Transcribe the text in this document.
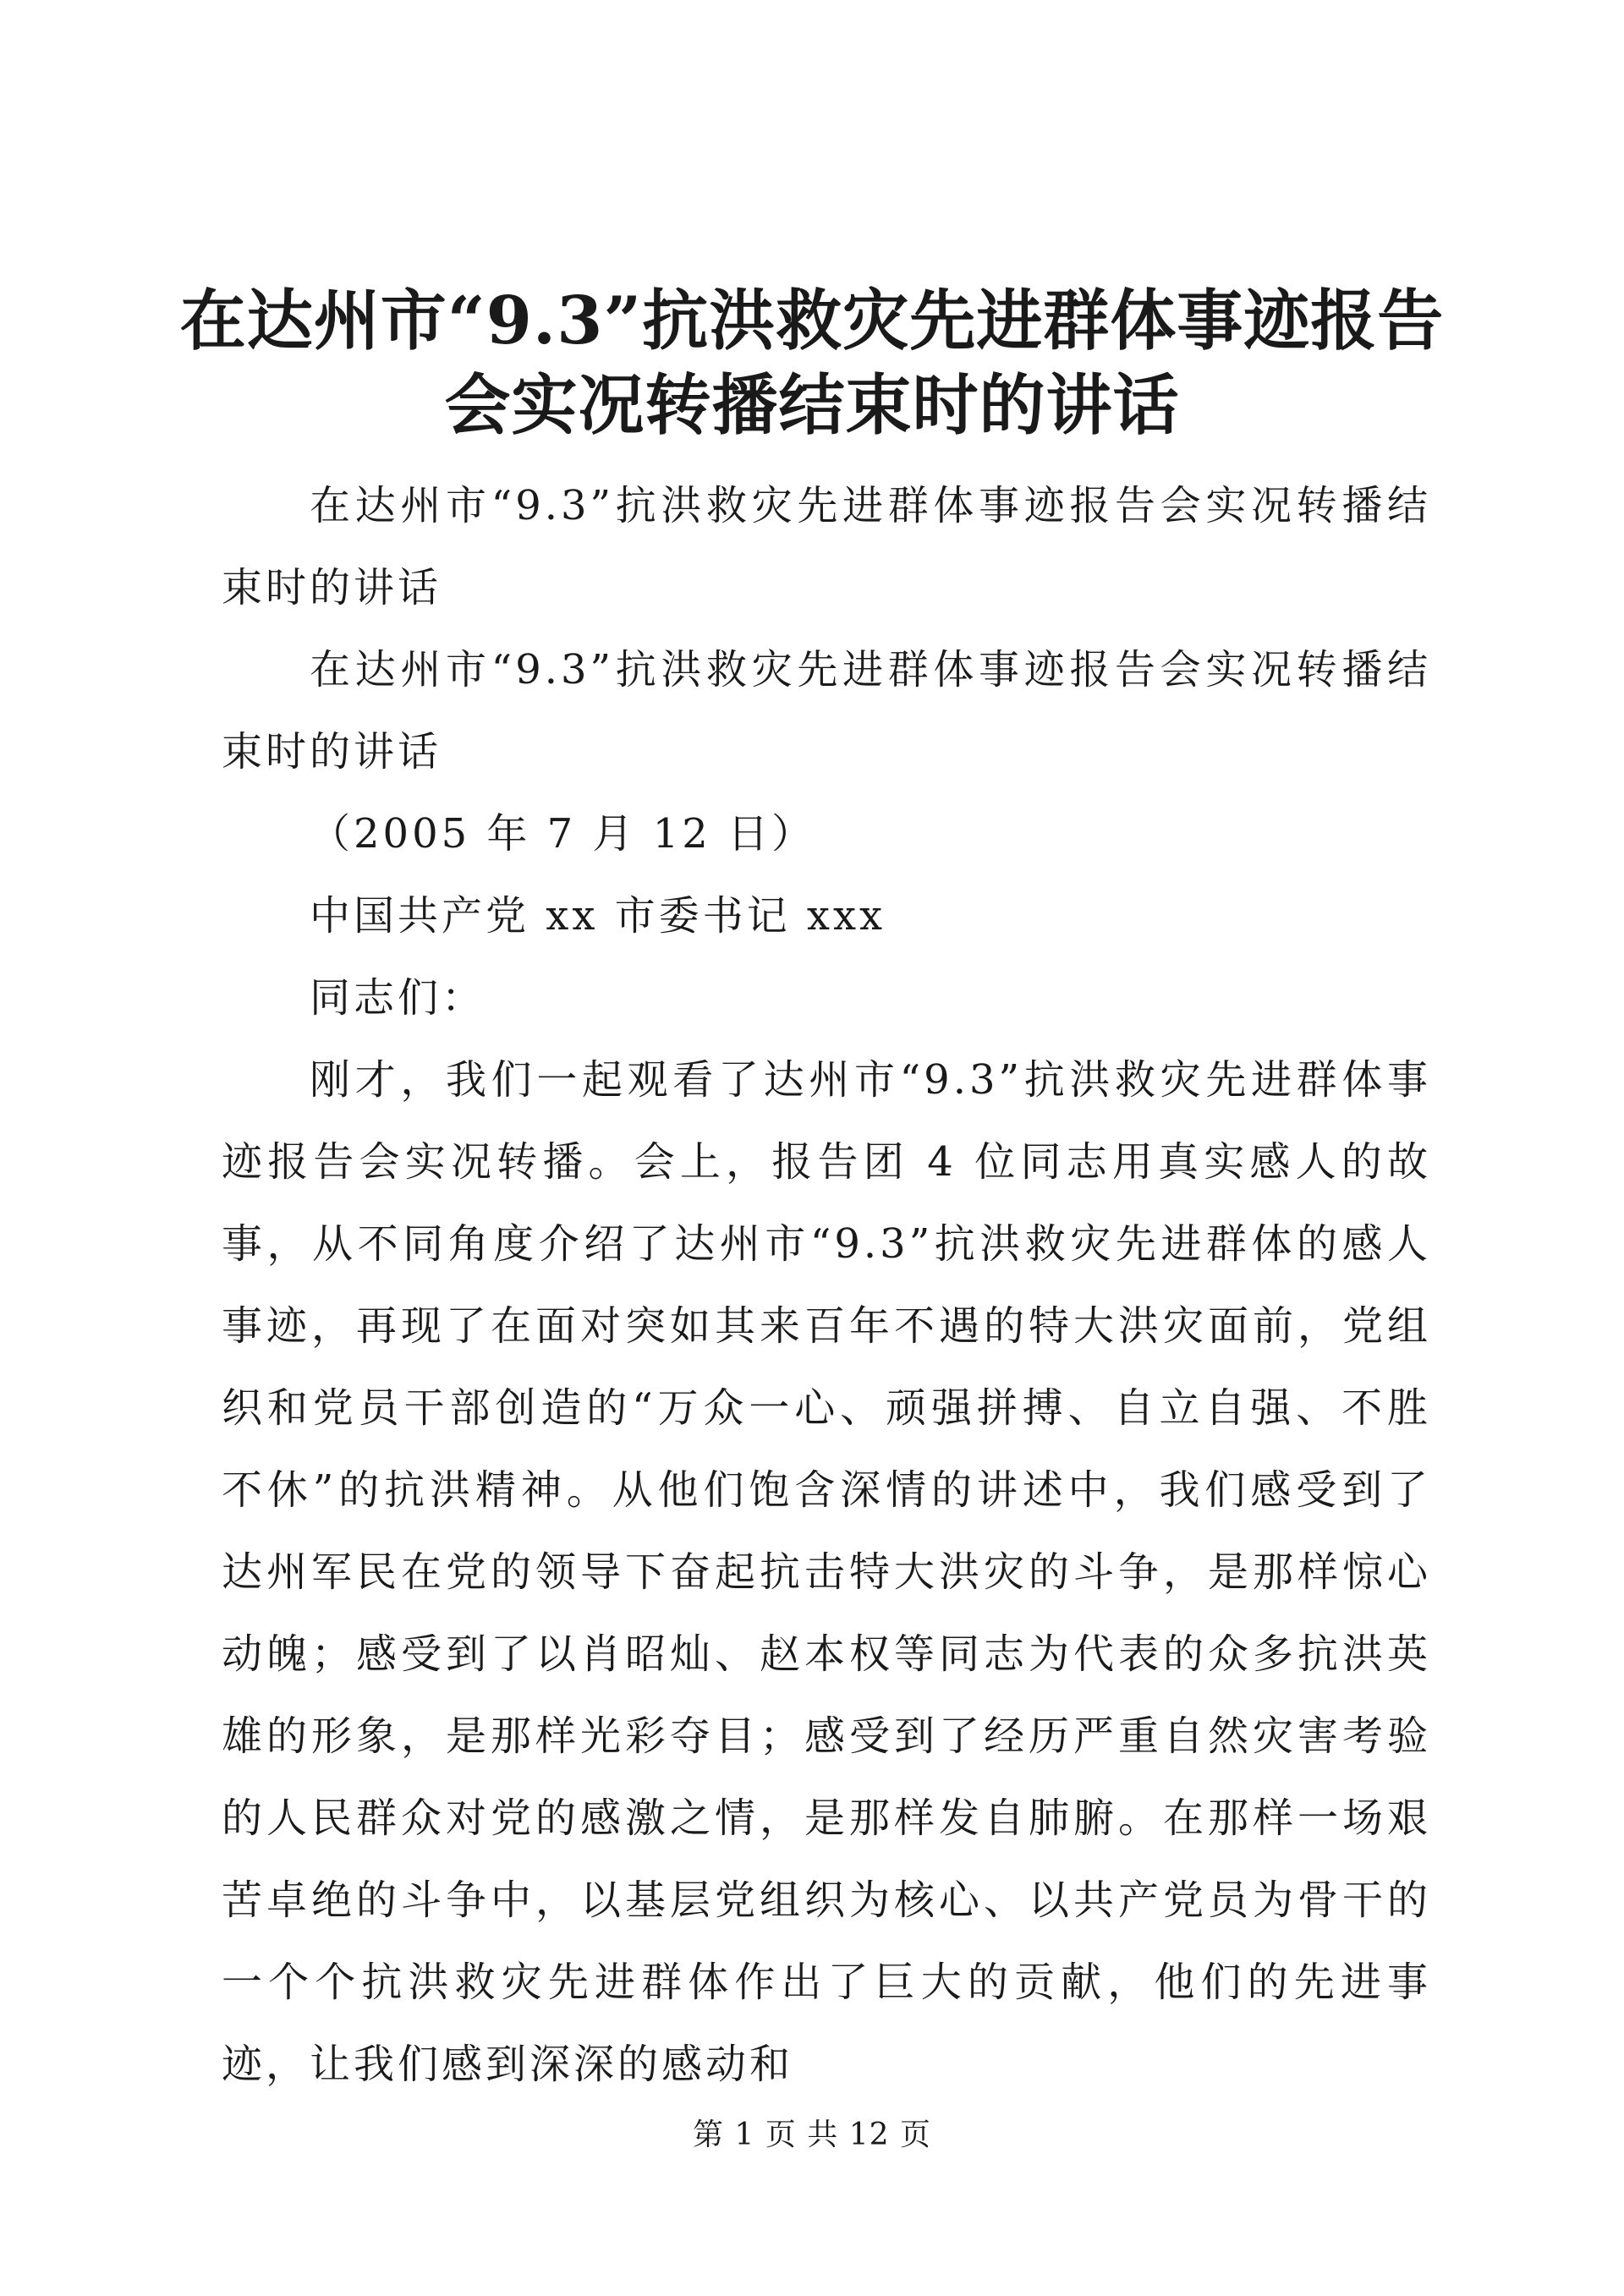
在达州市“9.3”抗洪救灾先进群体事迹报告
会实况转播结束时的讲话

在达州市“9.3”抗洪救灾先进群体事迹报告会实况转播结束时的讲话

在达州市“9.3”抗洪救灾先进群体事迹报告会实况转播结束时的讲话

（2005 年 7 月 12 日）

中国共产党 xx 市委书记 xxx

同志们：

刚才，我们一起观看了达州市“9.3”抗洪救灾先进群体事迹报告会实况转播。会上，报告团 4 位同志用真实感人的故事，从不同角度介绍了达州市“9.3”抗洪救灾先进群体的感人事迹，再现了在面对突如其来百年不遇的特大洪灾面前，党组织和党员干部创造的“万众一心、顽强拼搏、自立自强、不胜不休”的抗洪精神。从他们饱含深情的讲述中，我们感受到了达州军民在党的领导下奋起抗击特大洪灾的斗争，是那样惊心动魄；感受到了以肖昭灿、赵本权等同志为代表的众多抗洪英雄的形象，是那样光彩夺目；感受到了经历严重自然灾害考验的人民群众对党的感激之情，是那样发自肺腑。在那样一场艰苦卓绝的斗争中，以基层党组织为核心、以共产党员为骨干的一个个抗洪救灾先进群体作出了巨大的贡献，他们的先进事迹，让我们感到深深的感动和

第 1 页 共 12 页
